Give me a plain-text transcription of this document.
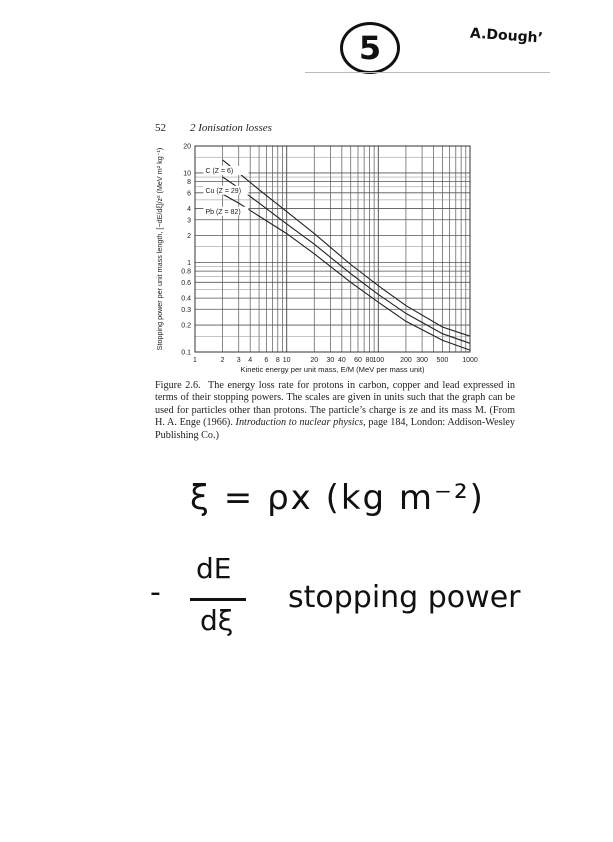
5	A.Dough’
52 2 Ionisation losses
1	2 3 4 6 8 10	20 30 40 60 80 100 200 300 500 1000
0.1
0.2
0.3
0.4
0.6
0.8
1
2
3
4
6
8
10
20
C (Z = 6)
Cu (Z = 29)
Pb (Z = 82)
Kinetic energy per unit mass, E/M (MeV per mass unit)
Stopping power per unit mass length, [−dE/dξ]/z² (MeV m² kg⁻¹)
Figure 2.6. The energy loss rate for protons in carbon, copper and lead expressed in terms of their stopping powers. The scales are given in units such that the graph can be used for particles other than protons. The particle’s charge is ze and its mass M. (From H. A. Enge (1966). Introduction to nuclear physics, page 184, London: Addison-Wesley Publishing Co.)
ξ = ρx (kg m⁻²)
-
dE
dξ
stopping power
